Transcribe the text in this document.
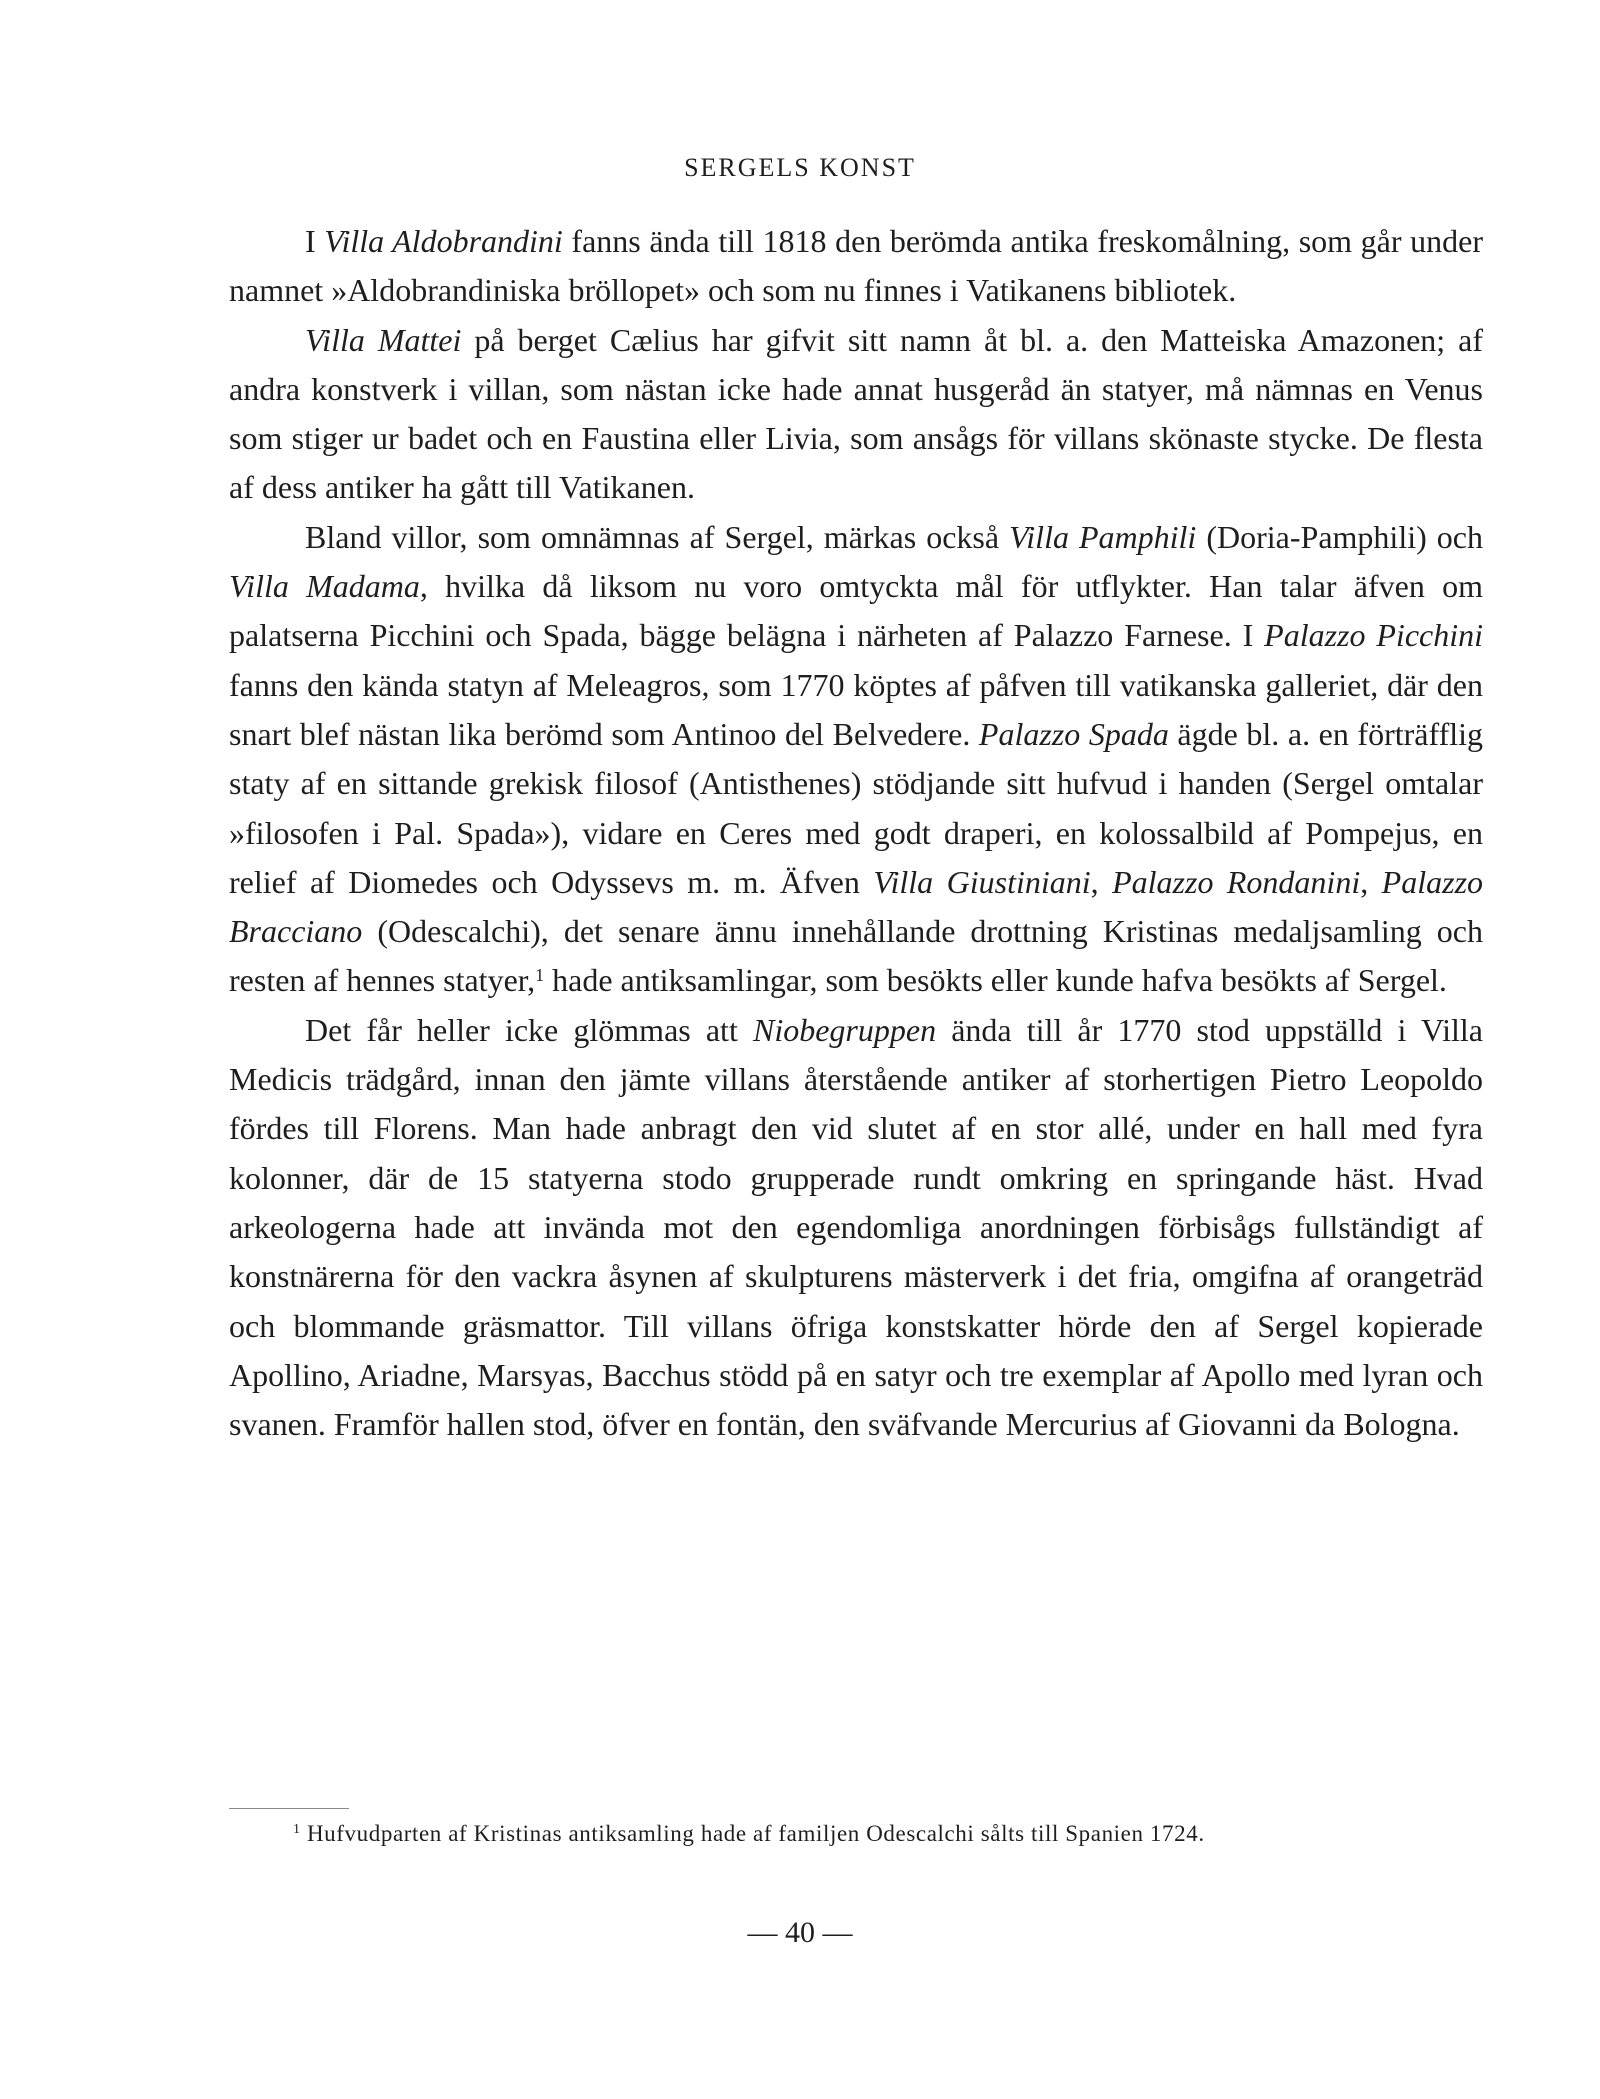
SERGELS KONST

I Villa Aldobrandini fanns ända till 1818 den berömda antika freskomålning, som går under namnet »Aldobrandiniska bröllopet» och som nu finnes i Vatikanens bibliotek.

Villa Mattei på berget Cælius har gifvit sitt namn åt bl. a. den Matteiska Amazonen; af andra konstverk i villan, som nästan icke hade annat husgeråd än statyer, må nämnas en Venus som stiger ur badet och en Faustina eller Livia, som ansågs för villans skönaste stycke. De flesta af dess antiker ha gått till Vatikanen.

Bland villor, som omnämnas af Sergel, märkas också Villa Pamphili (Doria-Pamphili) och Villa Madama, hvilka då liksom nu voro omtyckta mål för utflykter. Han talar äfven om palatserna Picchini och Spada, bägge belägna i närheten af Palazzo Farnese. I Palazzo Picchini fanns den kända statyn af Meleagros, som 1770 köptes af påfven till vatikanska galleriet, där den snart blef nästan lika berömd som Antinoo del Belvedere. Palazzo Spada ägde bl. a. en förträfflig staty af en sittande grekisk filosof (Antisthenes) stödjande sitt hufvud i handen (Sergel omtalar »filosofen i Pal. Spada»), vidare en Ceres med godt draperi, en kolossalbild af Pompejus, en relief af Diomedes och Odyssevs m. m. Äfven Villa Giustiniani, Palazzo Rondanini, Palazzo Bracciano (Odescalchi), det senare ännu innehållande drottning Kristinas medaljsamling och resten af hennes statyer,$^1$ hade antiksamlingar, som besökts eller kunde hafva besökts af Sergel.

Det får heller icke glömmas att Niobegruppen ända till år 1770 stod uppställd i Villa Medicis trädgård, innan den jämte villans återstående antiker af storhertigen Pietro Leopoldo fördes till Florens. Man hade anbragt den vid slutet af en stor allé, under en hall med fyra kolonner, där de 15 statyerna stodo grupperade rundt omkring en springande häst. Hvad arkeologerna hade att invända mot den egendomliga anordningen förbisågs fullständigt af konstnärerna för den vackra åsynen af skulpturens mästerverk i det fria, omgifna af orangeträd och blommande gräsmattor. Till villans öfriga konstskatter hörde den af Sergel kopierade Apollino, Ariadne, Marsyas, Bacchus stödd på en satyr och tre exemplar af Apollo med lyran och svanen. Framför hallen stod, öfver en fontän, den sväfvande Mercurius af Giovanni da Bologna.

$^1$ Hufvudparten af Kristinas antiksamling hade af familjen Odescalchi sålts till Spanien 1724.

— 40 —
